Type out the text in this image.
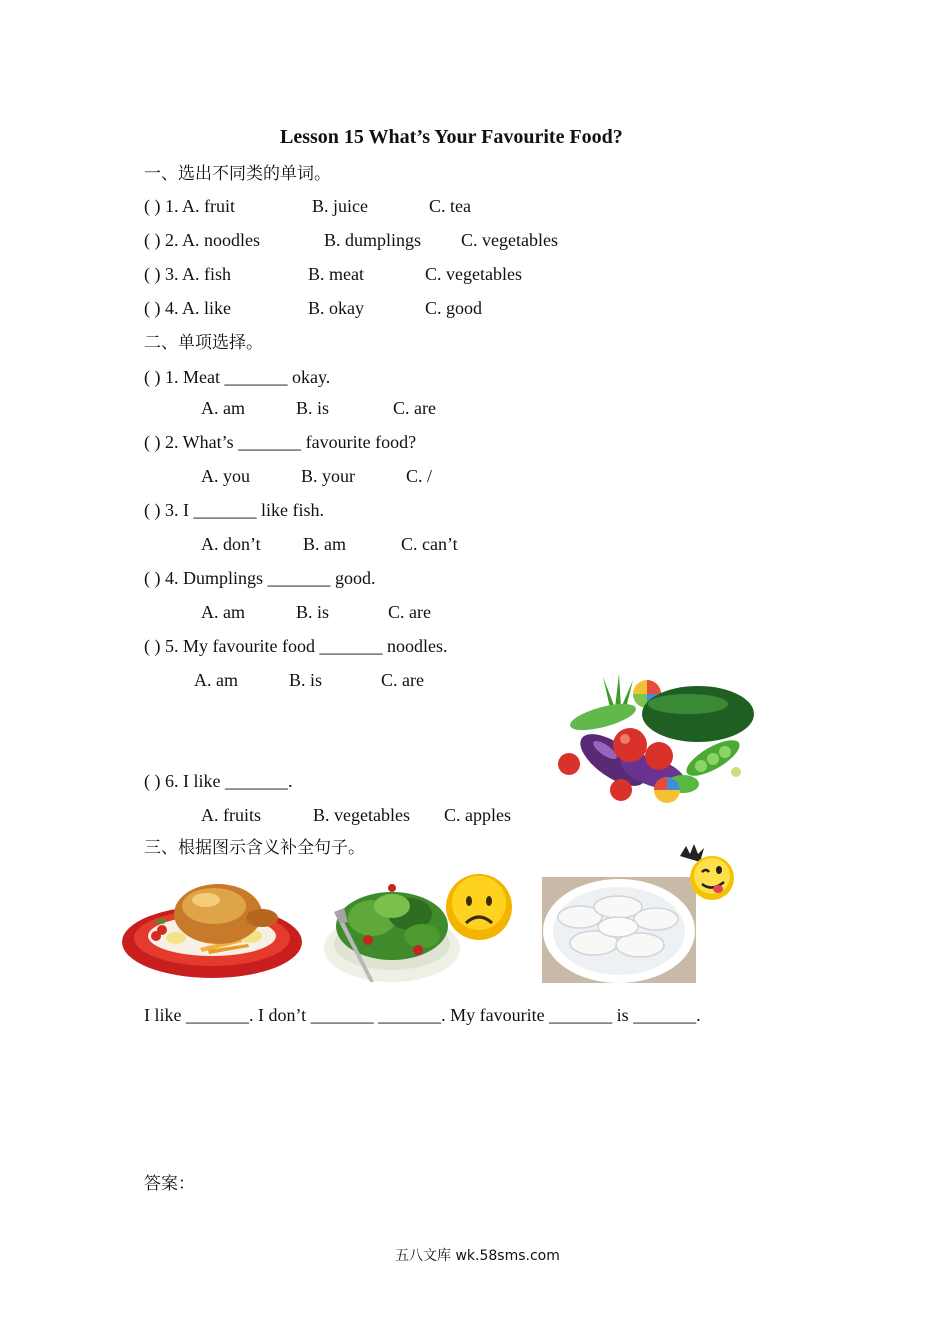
Lesson 15 What’s Your Favourite Food?
一、选出不同类的单词。
( ) 1. A. fruit	B. juice	C. tea
( ) 2. A. noodles	B. dumplings C. vegetables
( ) 3. A. fish	B. meat	C. vegetables
( ) 4. A. like	B. okay	C. good
二、单项选择。
( ) 1. Meat _______ okay.
A. am	B. is	C. are
( ) 2. What’s _______ favourite food?
A. you	B. your	C. /
( ) 3. I _______ like fish.
A. don’t B. am	C. can’t
( ) 4. Dumplings _______ good.
A. am	B. is	C. are
( ) 5. My favourite food _______ noodles.
A. am	B. is	C. are
( ) 6. I like _______.
A. fruits	B. vegetables C. apples
三、根据图示含义补全句子。
I like _______. I don’t _______ _______. My favourite _______ is _______.
答案：
五八文库 wk.58sms.com
